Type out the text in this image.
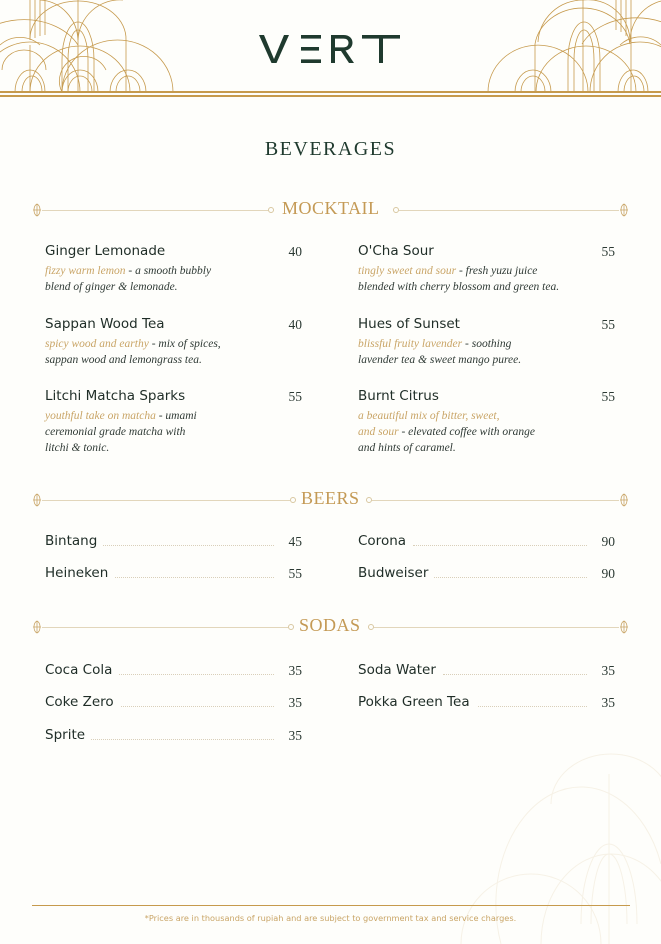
BEVERAGES
MOCKTAIL
Ginger Lemonade	40
fizzy warm lemon - a smooth bubbly
blend of ginger & lemonade.
O'Cha Sour	55
tingly sweet and sour - fresh yuzu juice
blended with cherry blossom and green tea.
Sappan Wood Tea	40
spicy wood and earthy - mix of spices,
sappan wood and lemongrass tea.
Hues of Sunset	55
blissful fruity lavender - soothing
lavender tea & sweet mango puree.
Litchi Matcha Sparks	55
youthful take on matcha - umami
ceremonial grade matcha with
litchi & tonic.
Burnt Citrus	55
a beautiful mix of bitter, sweet,
and sour - elevated coffee with orange
and hints of caramel.
BEERS
Bintang	45	Corona	90
Heineken	55	Budweiser	90
SODAS
Coca Cola	35	Soda Water	35
Coke Zero	35	Pokka Green Tea	35
Sprite	35
*Prices are in thousands of rupiah and are subject to government tax and service charges.
